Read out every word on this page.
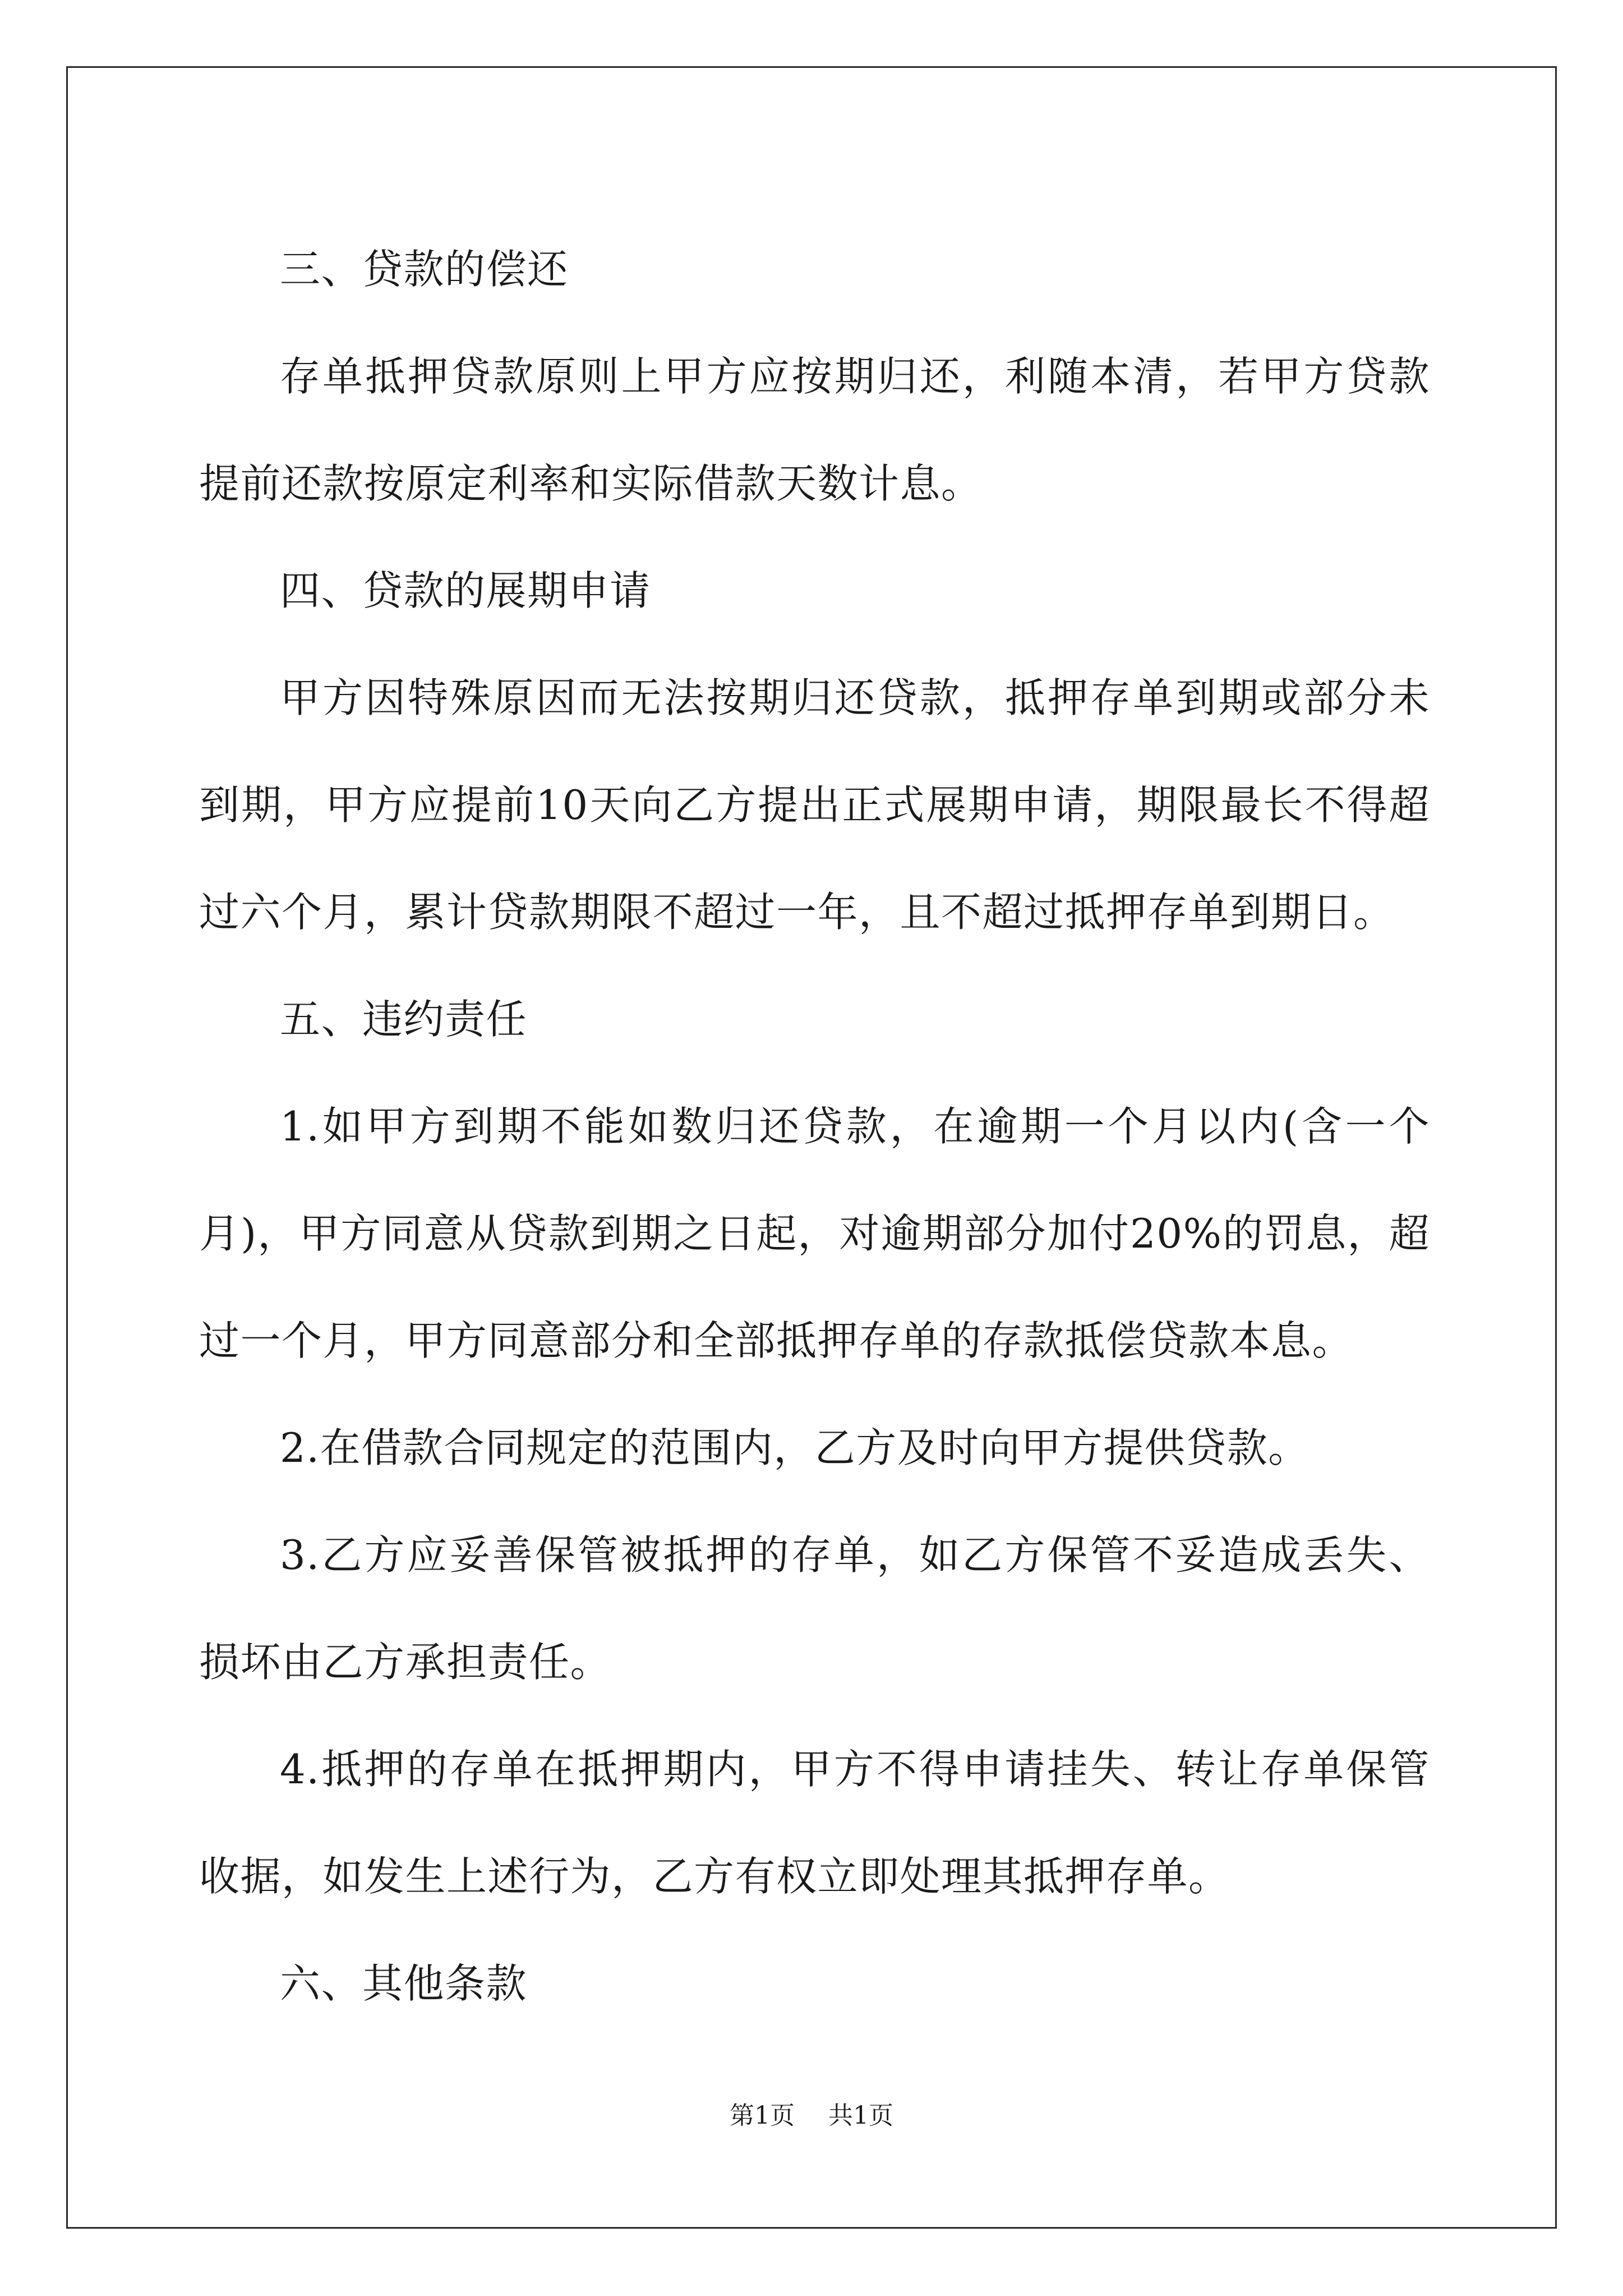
三、贷款的偿还

存单抵押贷款原则上甲方应按期归还，利随本清，若甲方贷款提前还款按原定利率和实际借款天数计息。

四、贷款的展期申请

甲方因特殊原因而无法按期归还贷款，抵押存单到期或部分未到期，甲方应提前10天向乙方提出正式展期申请，期限最长不得超过六个月，累计贷款期限不超过一年，且不超过抵押存单到期日。

五、违约责任

1.如甲方到期不能如数归还贷款，在逾期一个月以内(含一个月)，甲方同意从贷款到期之日起，对逾期部分加付20%的罚息，超过一个月，甲方同意部分和全部抵押存单的存款抵偿贷款本息。

2.在借款合同规定的范围内，乙方及时向甲方提供贷款。

3.乙方应妥善保管被抵押的存单，如乙方保管不妥造成丢失、损坏由乙方承担责任。

4.抵押的存单在抵押期内，甲方不得申请挂失、转让存单保管收据，如发生上述行为，乙方有权立即处理其抵押存单。

六、其他条款

第1页 共1页
